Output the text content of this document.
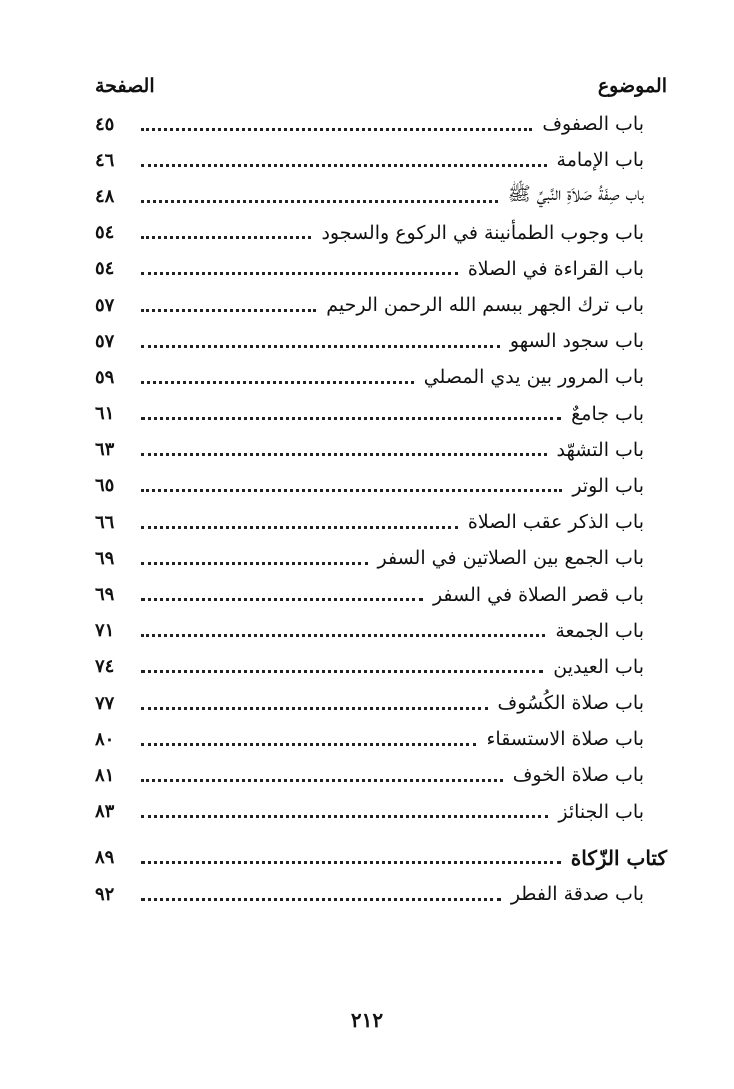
الموضوع
الصفحة
باب الصفوف
٤٥
باب الإمامة
٤٦
باب صِفَةُ صَلاَةِ النَّبيِّ ﷺ
٤٨
باب وجوب الطمأنينة في الركوع والسجود
٥٤
باب القراءة في الصلاة
٥٤
باب ترك الجهر ببسم الله الرحمن الرحيم
٥٧
باب سجود السهو
٥٧
باب المرور بين يدي المصلي
٥٩
باب جامعٌ
٦١
باب التشهّد
٦٣
باب الوتر
٦٥
باب الذكر عقب الصلاة
٦٦
باب الجمع بين الصلاتين في السفر
٦٩
باب قصر الصلاة في السفر
٦٩
باب الجمعة
٧١
باب العيدين
٧٤
باب صلاة الكُسُوف
٧٧
باب صلاة الاستسقاء
٨٠
باب صلاة الخوف
٨١
باب الجنائز
٨٣
كتاب الزّكاة
٨٩
باب صدقة الفطر
٩٢
٢١٢
